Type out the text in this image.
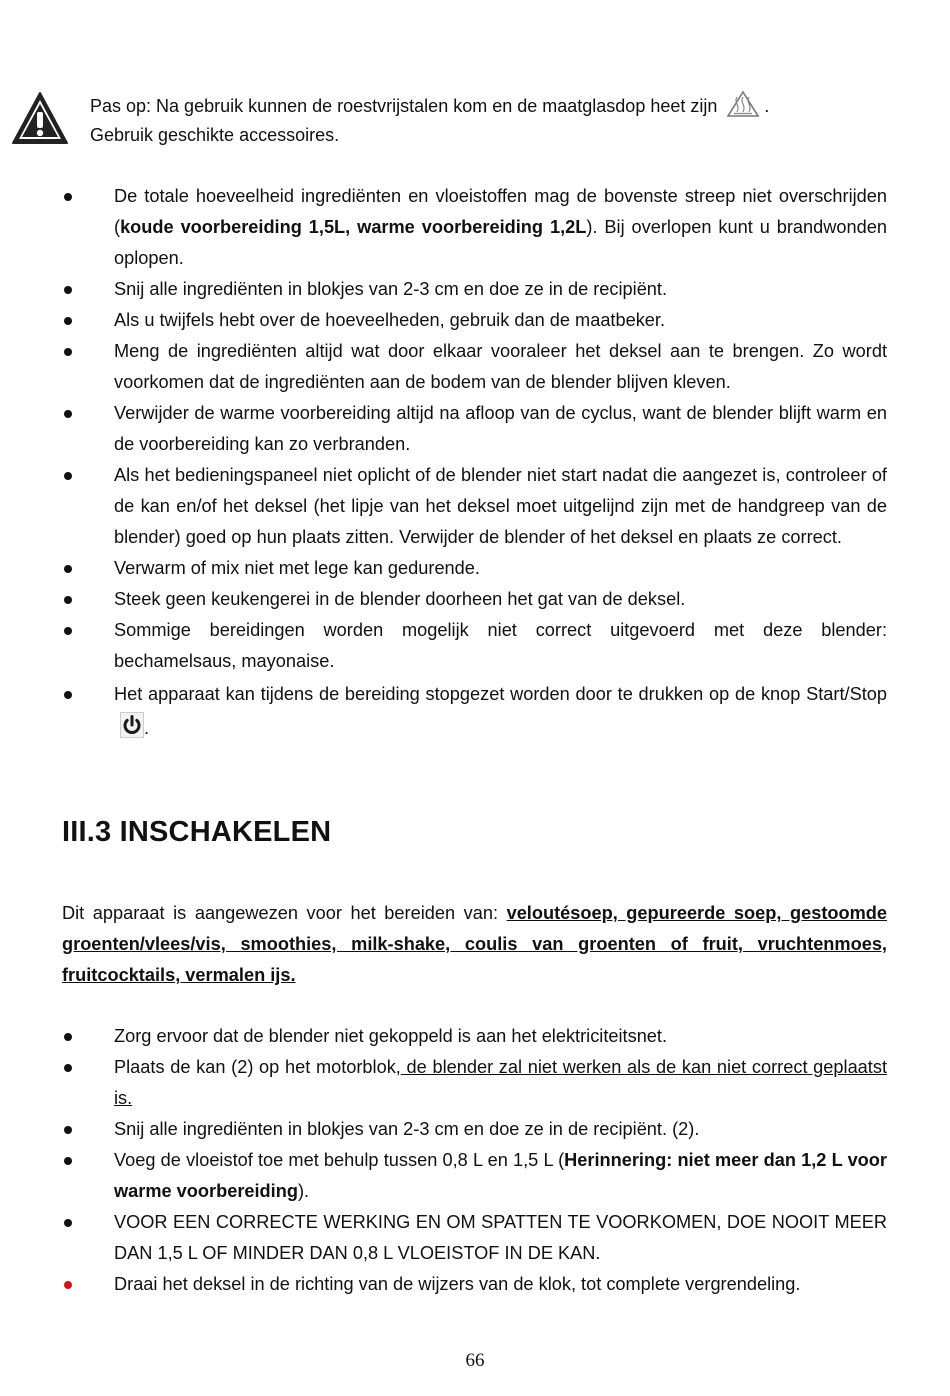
Pas op: Na gebruik kunnen de roestvrijstalen kom en de maatglasdop heet zijn	.
Gebruik geschikte accessoires.
De totale hoeveelheid ingrediënten en vloeistoffen mag de bovenste streep niet overschrijden (koude voorbereiding 1,5L, warme voorbereiding 1,2L). Bij overlopen kunt u brandwonden oplopen.
Snij alle ingrediënten in blokjes van 2-3 cm en doe ze in de recipiënt.
Als u twijfels hebt over de hoeveelheden, gebruik dan de maatbeker.
Meng de ingrediënten altijd wat door elkaar vooraleer het deksel aan te brengen. Zo wordt voorkomen dat de ingrediënten aan de bodem van de blender blijven kleven.
Verwijder de warme voorbereiding altijd na afloop van de cyclus, want de blender blijft warm en de voorbereiding kan zo verbranden.
Als het bedieningspaneel niet oplicht of de blender niet start nadat die aangezet is, controleer of de kan en/of het deksel (het lipje van het deksel moet uitgelijnd zijn met de handgreep van de blender) goed op hun plaats zitten. Verwijder de blender of het deksel en plaats ze correct.
Verwarm of mix niet met lege kan gedurende.
Steek geen keukengerei in de blender doorheen het gat van de deksel.
Sommige bereidingen worden mogelijk niet correct uitgevoerd met deze blender: bechamelsaus, mayonaise.
Het apparaat kan tijdens de bereiding stopgezet worden door te drukken op de knop Start/Stop.
III.3 INSCHAKELEN

Dit apparaat is aangewezen voor het bereiden van: veloutésoep, gepureerde soep, gestoomde groenten/vlees/vis, smoothies, milk-shake, coulis van groenten of fruit, vruchtenmoes, fruitcocktails, vermalen ijs.

Zorg ervoor dat de blender niet gekoppeld is aan het elektriciteitsnet.
Plaats de kan (2) op het motorblok, de blender zal niet werken als de kan niet correct geplaatst is.
Snij alle ingrediënten in blokjes van 2-3 cm en doe ze in de recipiënt. (2).
Voeg de vloeistof toe met behulp tussen 0,8 L en 1,5 L (Herinnering: niet meer dan 1,2 L voor warme voorbereiding).
VOOR EEN CORRECTE WERKING EN OM SPATTEN TE VOORKOMEN, DOE NOOIT MEER DAN 1,5 L OF MINDER DAN 0,8 L VLOEISTOF IN DE KAN.
Draai het deksel in de richting van de wijzers van de klok, tot complete vergrendeling.
66
